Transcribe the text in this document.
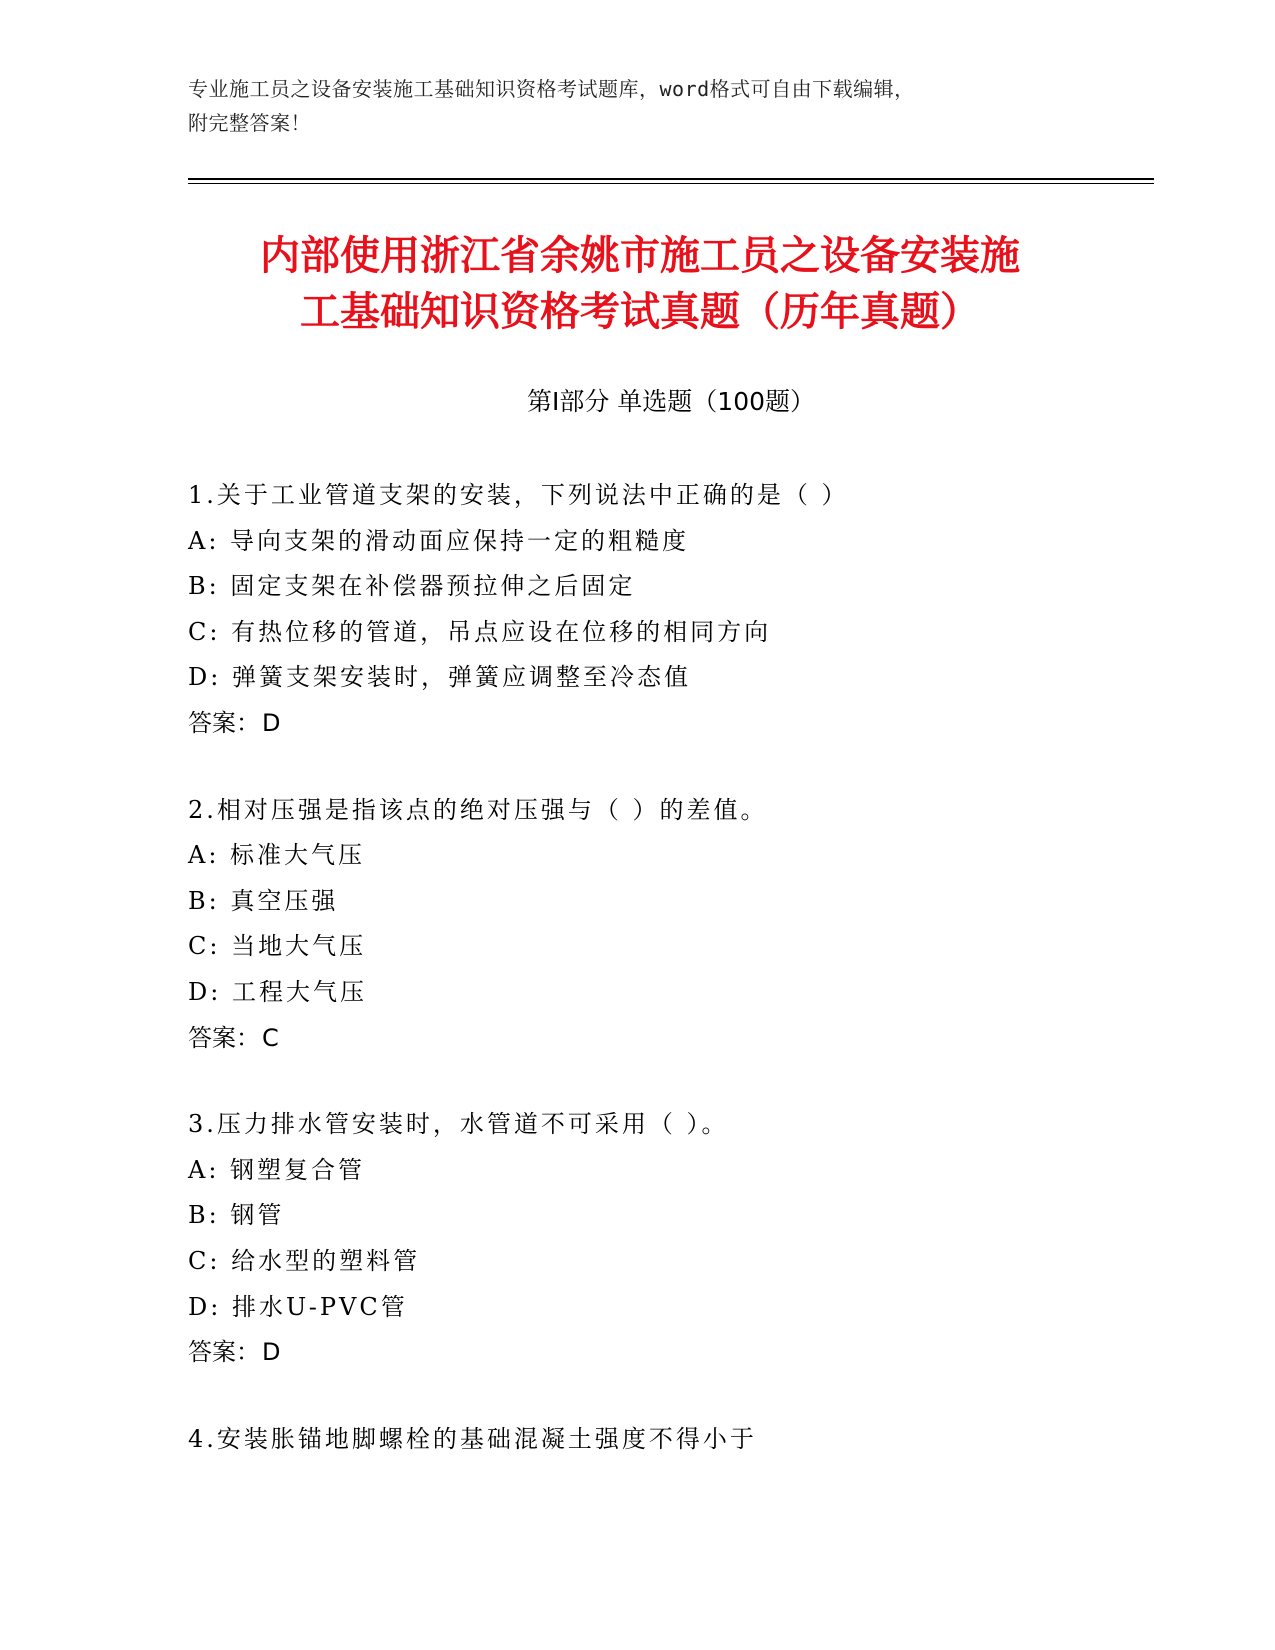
专业施工员之设备安装施工基础知识资格考试题库，word格式可自由下载编辑，
附完整答案！
内部使用浙江省余姚市施工员之设备安装施
工基础知识资格考试真题（历年真题）
第Ⅰ部分 单选题（100题）
1.关于工业管道支架的安装，下列说法中正确的是（ ）
A: 导向支架的滑动面应保持一定的粗糙度
B: 固定支架在补偿器预拉伸之后固定
C: 有热位移的管道，吊点应设在位移的相同方向
D: 弹簧支架安装时，弹簧应调整至冷态值
答案：D
2.相对压强是指该点的绝对压强与（ ）的差值。
A: 标准大气压
B: 真空压强
C: 当地大气压
D: 工程大气压
答案：C
3.压力排水管安装时，水管道不可采用（ ）。
A: 钢塑复合管
B: 钢管
C: 给水型的塑料管
D: 排水U-PVC管
答案：D
4.安装胀锚地脚螺栓的基础混凝土强度不得小于
